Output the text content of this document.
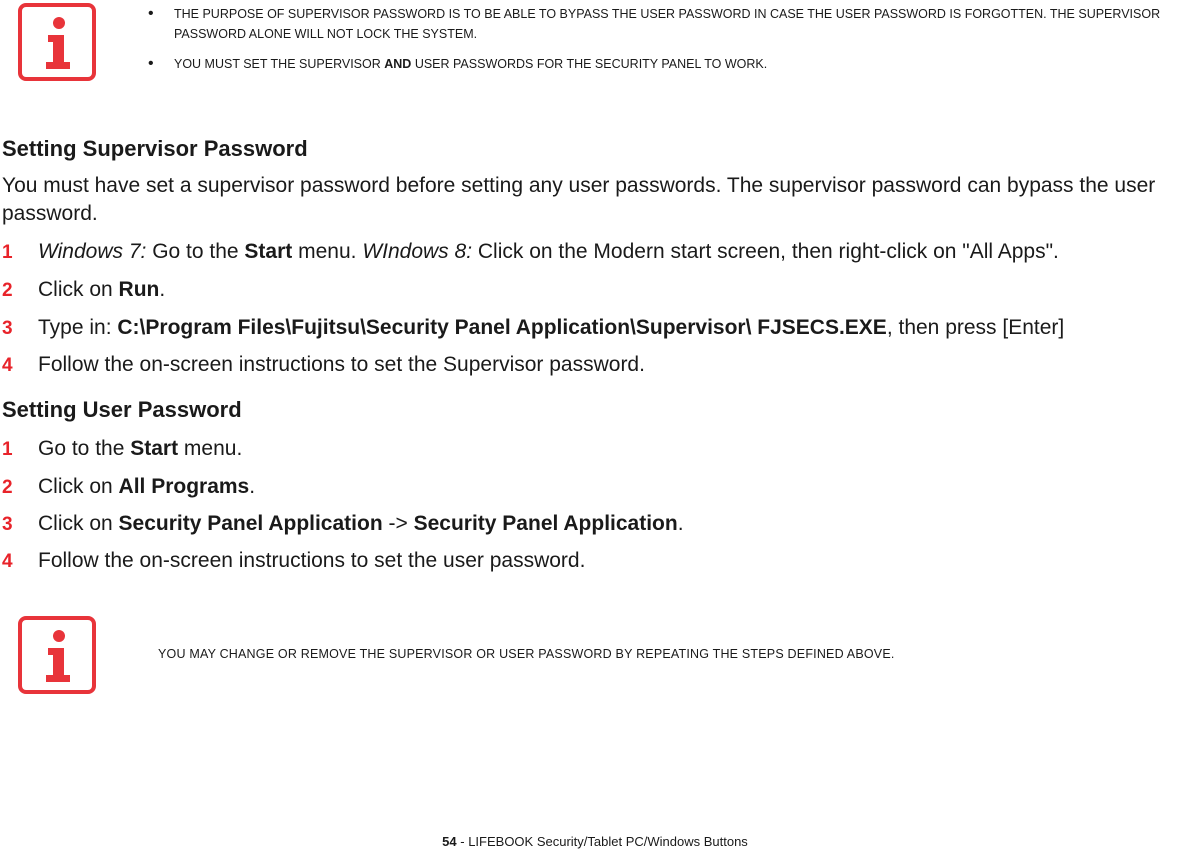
• THE PURPOSE OF SUPERVISOR PASSWORD IS TO BE ABLE TO BYPASS THE USER PASSWORD IN CASE THE USER PASSWORD IS FORGOTTEN. THE SUPERVISOR PASSWORD ALONE WILL NOT LOCK THE SYSTEM.
• YOU MUST SET THE SUPERVISOR AND USER PASSWORDS FOR THE SECURITY PANEL TO WORK.
Setting Supervisor Password
You must have set a supervisor password before setting any user passwords. The supervisor password can bypass the user password.
1 Windows 7: Go to the Start menu. WIndows 8: Click on the Modern start screen, then right-click on "All Apps".
2 Click on Run.
3 Type in: C:\Program Files\Fujitsu\Security Panel Application\Supervisor\ FJSECS.EXE, then press [Enter]
4 Follow the on-screen instructions to set the Supervisor password.
Setting User Password
1 Go to the Start menu.
2 Click on All Programs.
3 Click on Security Panel Application -> Security Panel Application.
4 Follow the on-screen instructions to set the user password.
YOU MAY CHANGE OR REMOVE THE SUPERVISOR OR USER PASSWORD BY REPEATING THE STEPS DEFINED ABOVE.
54 - LIFEBOOK Security/Tablet PC/Windows Buttons
